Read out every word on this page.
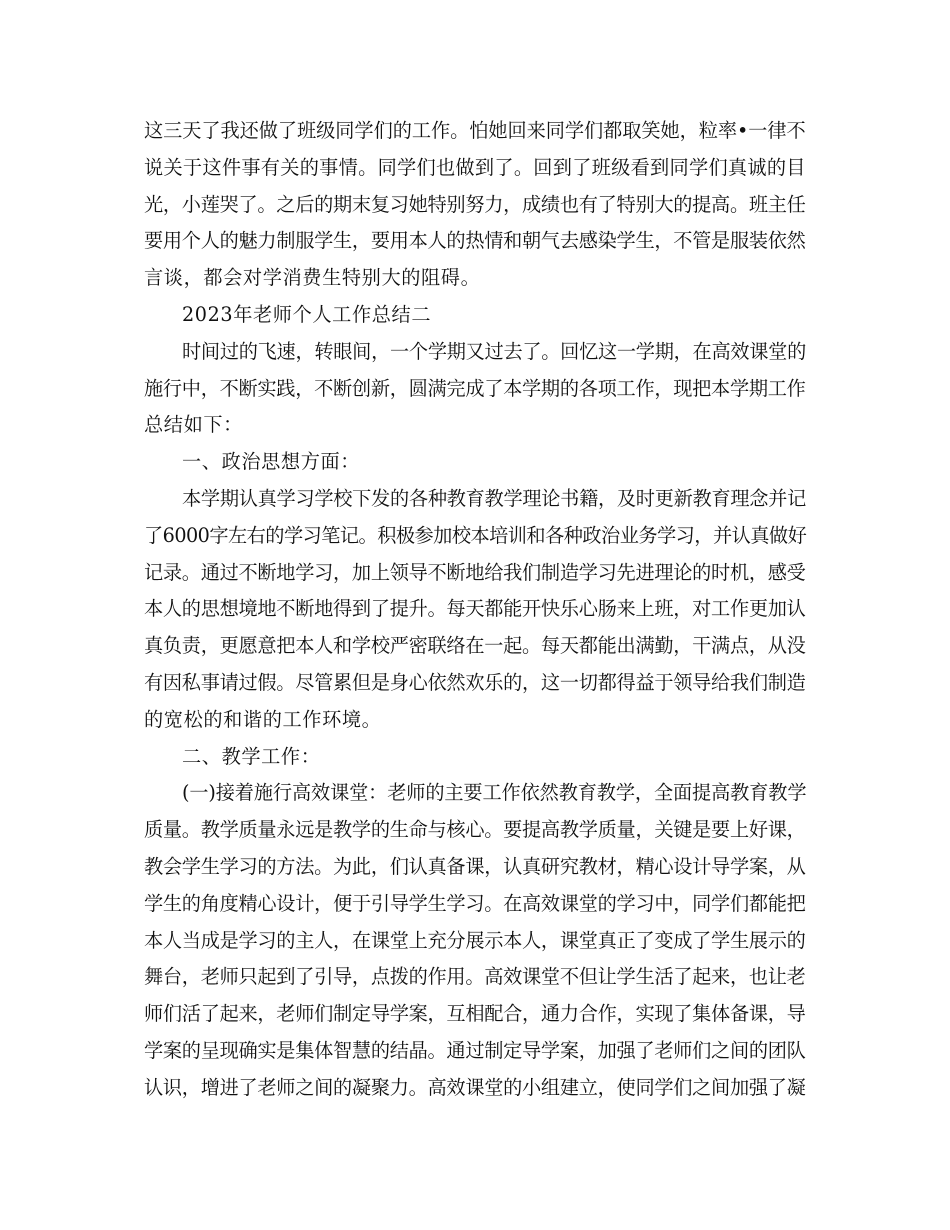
这三天了我还做了班级同学们的工作。怕她回来同学们都取笑她，粒率•一律不
说关于这件事有关的事情。同学们也做到了。回到了班级看到同学们真诚的目
光，小莲哭了。之后的期末复习她特别努力，成绩也有了特别大的提高。班主任
要用个人的魅力制服学生，要用本人的热情和朝气去感染学生，不管是服装依然
言谈，都会对学消费生特别大的阻碍。
2023年老师个人工作总结二
时间过的飞速，转眼间，一个学期又过去了。回忆这一学期，在高效课堂的
施行中，不断实践，不断创新，圆满完成了本学期的各项工作，现把本学期工作
总结如下：
一、政治思想方面：
本学期认真学习学校下发的各种教育教学理论书籍，及时更新教育理念并记
了6000字左右的学习笔记。积极参加校本培训和各种政治业务学习，并认真做好
记录。通过不断地学习，加上领导不断地给我们制造学习先进理论的时机，感受
本人的思想境地不断地得到了提升。每天都能开快乐心肠来上班，对工作更加认
真负责，更愿意把本人和学校严密联络在一起。每天都能出满勤，干满点，从没
有因私事请过假。尽管累但是身心依然欢乐的，这一切都得益于领导给我们制造
的宽松的和谐的工作环境。
二、教学工作：
(一)接着施行高效课堂：老师的主要工作依然教育教学，全面提高教育教学
质量。教学质量永远是教学的生命与核心。要提高教学质量，关键是要上好课，
教会学生学习的方法。为此，们认真备课，认真研究教材，精心设计导学案，从
学生的角度精心设计，便于引导学生学习。在高效课堂的学习中，同学们都能把
本人当成是学习的主人，在课堂上充分展示本人，课堂真正了变成了学生展示的
舞台，老师只起到了引导，点拨的作用。高效课堂不但让学生活了起来，也让老
师们活了起来，老师们制定导学案，互相配合，通力合作，实现了集体备课，导
学案的呈现确实是集体智慧的结晶。通过制定导学案，加强了老师们之间的团队
认识，增进了老师之间的凝聚力。高效课堂的小组建立，使同学们之间加强了凝
